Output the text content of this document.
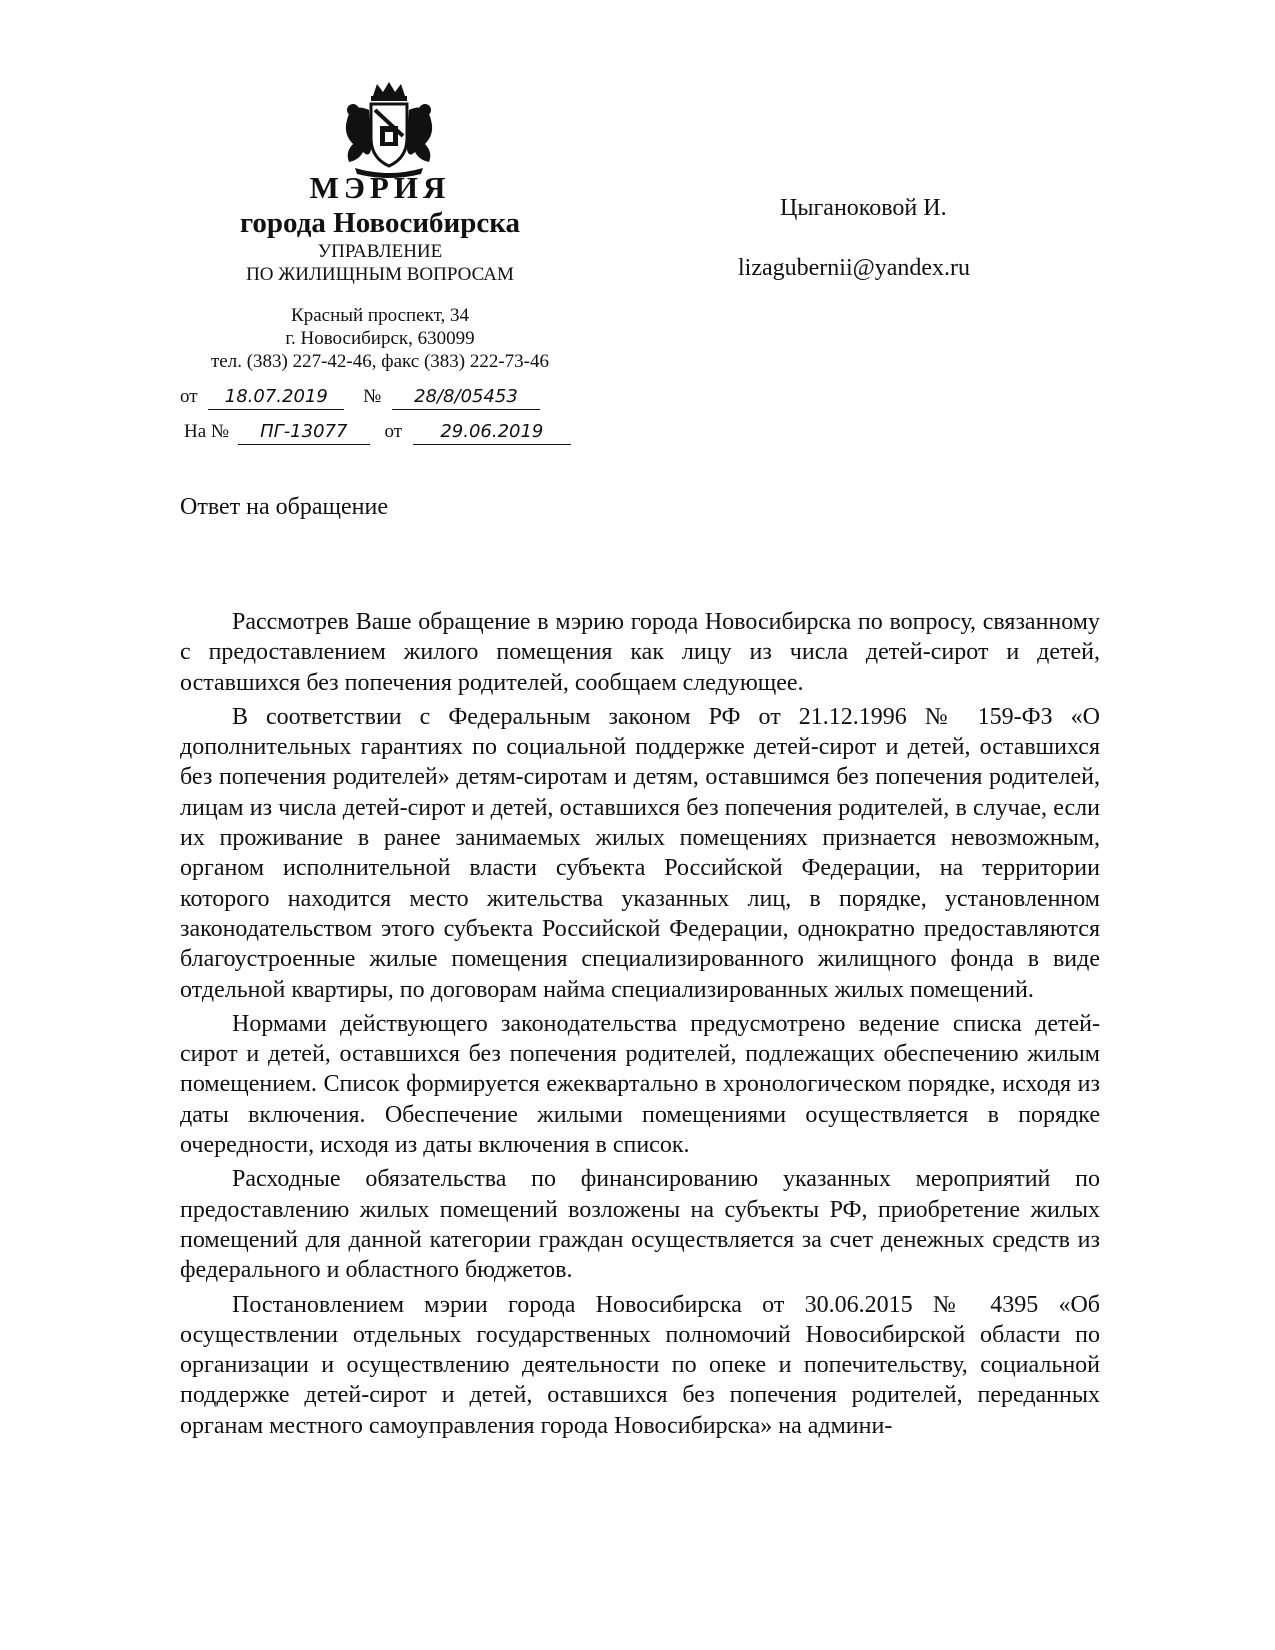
МЭРИЯ

города Новосибирска

УПРАВЛЕНИЕ

ПО ЖИЛИЩНЫМ ВОПРОСАМ

Красный проспект, 34
г. Новосибирск, 630099
тел. (383) 227-42-46, факс (383) 222-73-46
от 18.07.2019 № 28/8/05453
На № ПГ-13077 от 29.06.2019
Цыганоковой И.
lizagubernii@yandex.ru
Ответ на обращение

Рассмотрев Ваше обращение в мэрию города Новосибирска по вопросу, связанному с предоставлением жилого помещения как лицу из числа детей-сирот и детей, оставшихся без попечения родителей, сообщаем следующее.

В соответствии с Федеральным законом РФ от 21.12.1996 № 159-ФЗ «О дополнительных гарантиях по социальной поддержке детей-сирот и детей, оставшихся без попечения родителей» детям-сиротам и детям, оставшимся без попечения родителей, лицам из числа детей-сирот и детей, оставшихся без попечения родителей, в случае, если их проживание в ранее занимаемых жилых помещениях признается невозможным, органом исполнительной власти субъекта Российской Федерации, на территории которого находится место жительства указанных лиц, в порядке, установленном законодательством этого субъекта Российской Федерации, однократно предоставляются благоустроенные жилые помещения специализированного жилищного фонда в виде отдельной квартиры, по договорам найма специализированных жилых помещений.

Нормами действующего законодательства предусмотрено ведение списка детей-сирот и детей, оставшихся без попечения родителей, подлежащих обеспечению жилым помещением. Список формируется ежеквартально в хронологическом порядке, исходя из даты включения. Обеспечение жилыми помещениями осуществляется в порядке очередности, исходя из даты включения в список.

Расходные обязательства по финансированию указанных мероприятий по предоставлению жилых помещений возложены на субъекты РФ, приобретение жилых помещений для данной категории граждан осуществляется за счет денежных средств из федерального и областного бюджетов.

Постановлением мэрии города Новосибирска от 30.06.2015 № 4395 «Об осуществлении отдельных государственных полномочий Новосибирской области по организации и осуществлению деятельности по опеке и попечительству, социальной поддержке детей-сирот и детей, оставшихся без попечения родителей, переданных органам местного самоуправления города Новосибирска» на админи-
